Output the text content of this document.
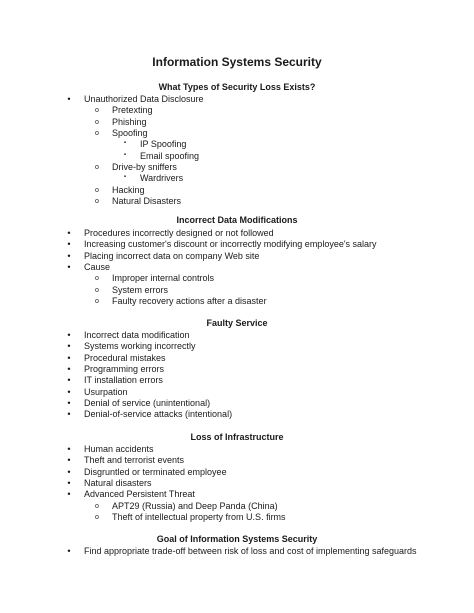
Information Systems Security
What Types of Security Loss Exists?
•	Unauthorized Data Disclosure
o	Pretexting
o	Phishing
o	Spoofing
▪	IP Spoofing
▪	Email spoofing
o	Drive-by sniffers
▪	Wardrivers
o	Hacking
o	Natural Disasters
Incorrect Data Modifications
•	Procedures incorrectly designed or not followed
•	Increasing customer's discount or incorrectly modifying employee's salary
•	Placing incorrect data on company Web site
•	Cause
o	Improper internal controls
o	System errors
o	Faulty recovery actions after a disaster
Faulty Service
•	Incorrect data modification
•	Systems working incorrectly
•	Procedural mistakes
•	Programming errors
•	IT installation errors
•	Usurpation
•	Denial of service (unintentional)
•	Denial-of-service attacks (intentional)
Loss of Infrastructure
•	Human accidents
•	Theft and terrorist events
•	Disgruntled or terminated employee
•	Natural disasters
•	Advanced Persistent Threat
o	APT29 (Russia) and Deep Panda (China)
o	Theft of intellectual property from U.S. firms
Goal of Information Systems Security
•	Find appropriate trade-off between risk of loss and cost of implementing safeguards
